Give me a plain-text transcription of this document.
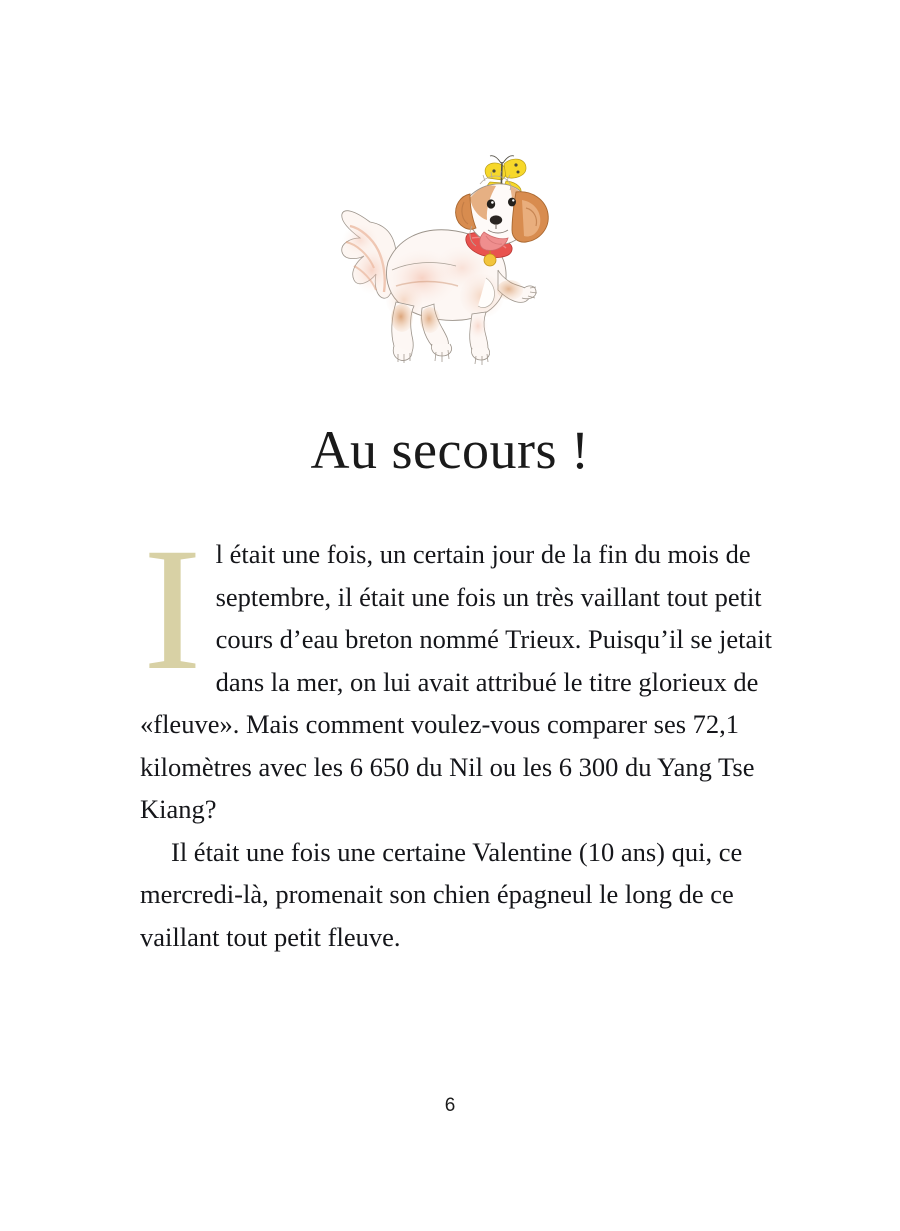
Au secours !

Il était une fois, un certain jour de la fin du mois de septembre, il était une fois un très vaillant tout petit cours d’eau breton nommé Trieux. Puisqu’il se jetait dans la mer, on lui avait attribué le titre glorieux de «fleuve». Mais comment voulez-vous comparer ses 72,1 kilomètres avec les 6 650 du Nil ou les 6 300 du Yang Tse Kiang?

Il était une fois une certaine Valentine (10 ans) qui, ce mercredi-là, promenait son chien épagneul le long de ce vaillant tout petit fleuve.

6
